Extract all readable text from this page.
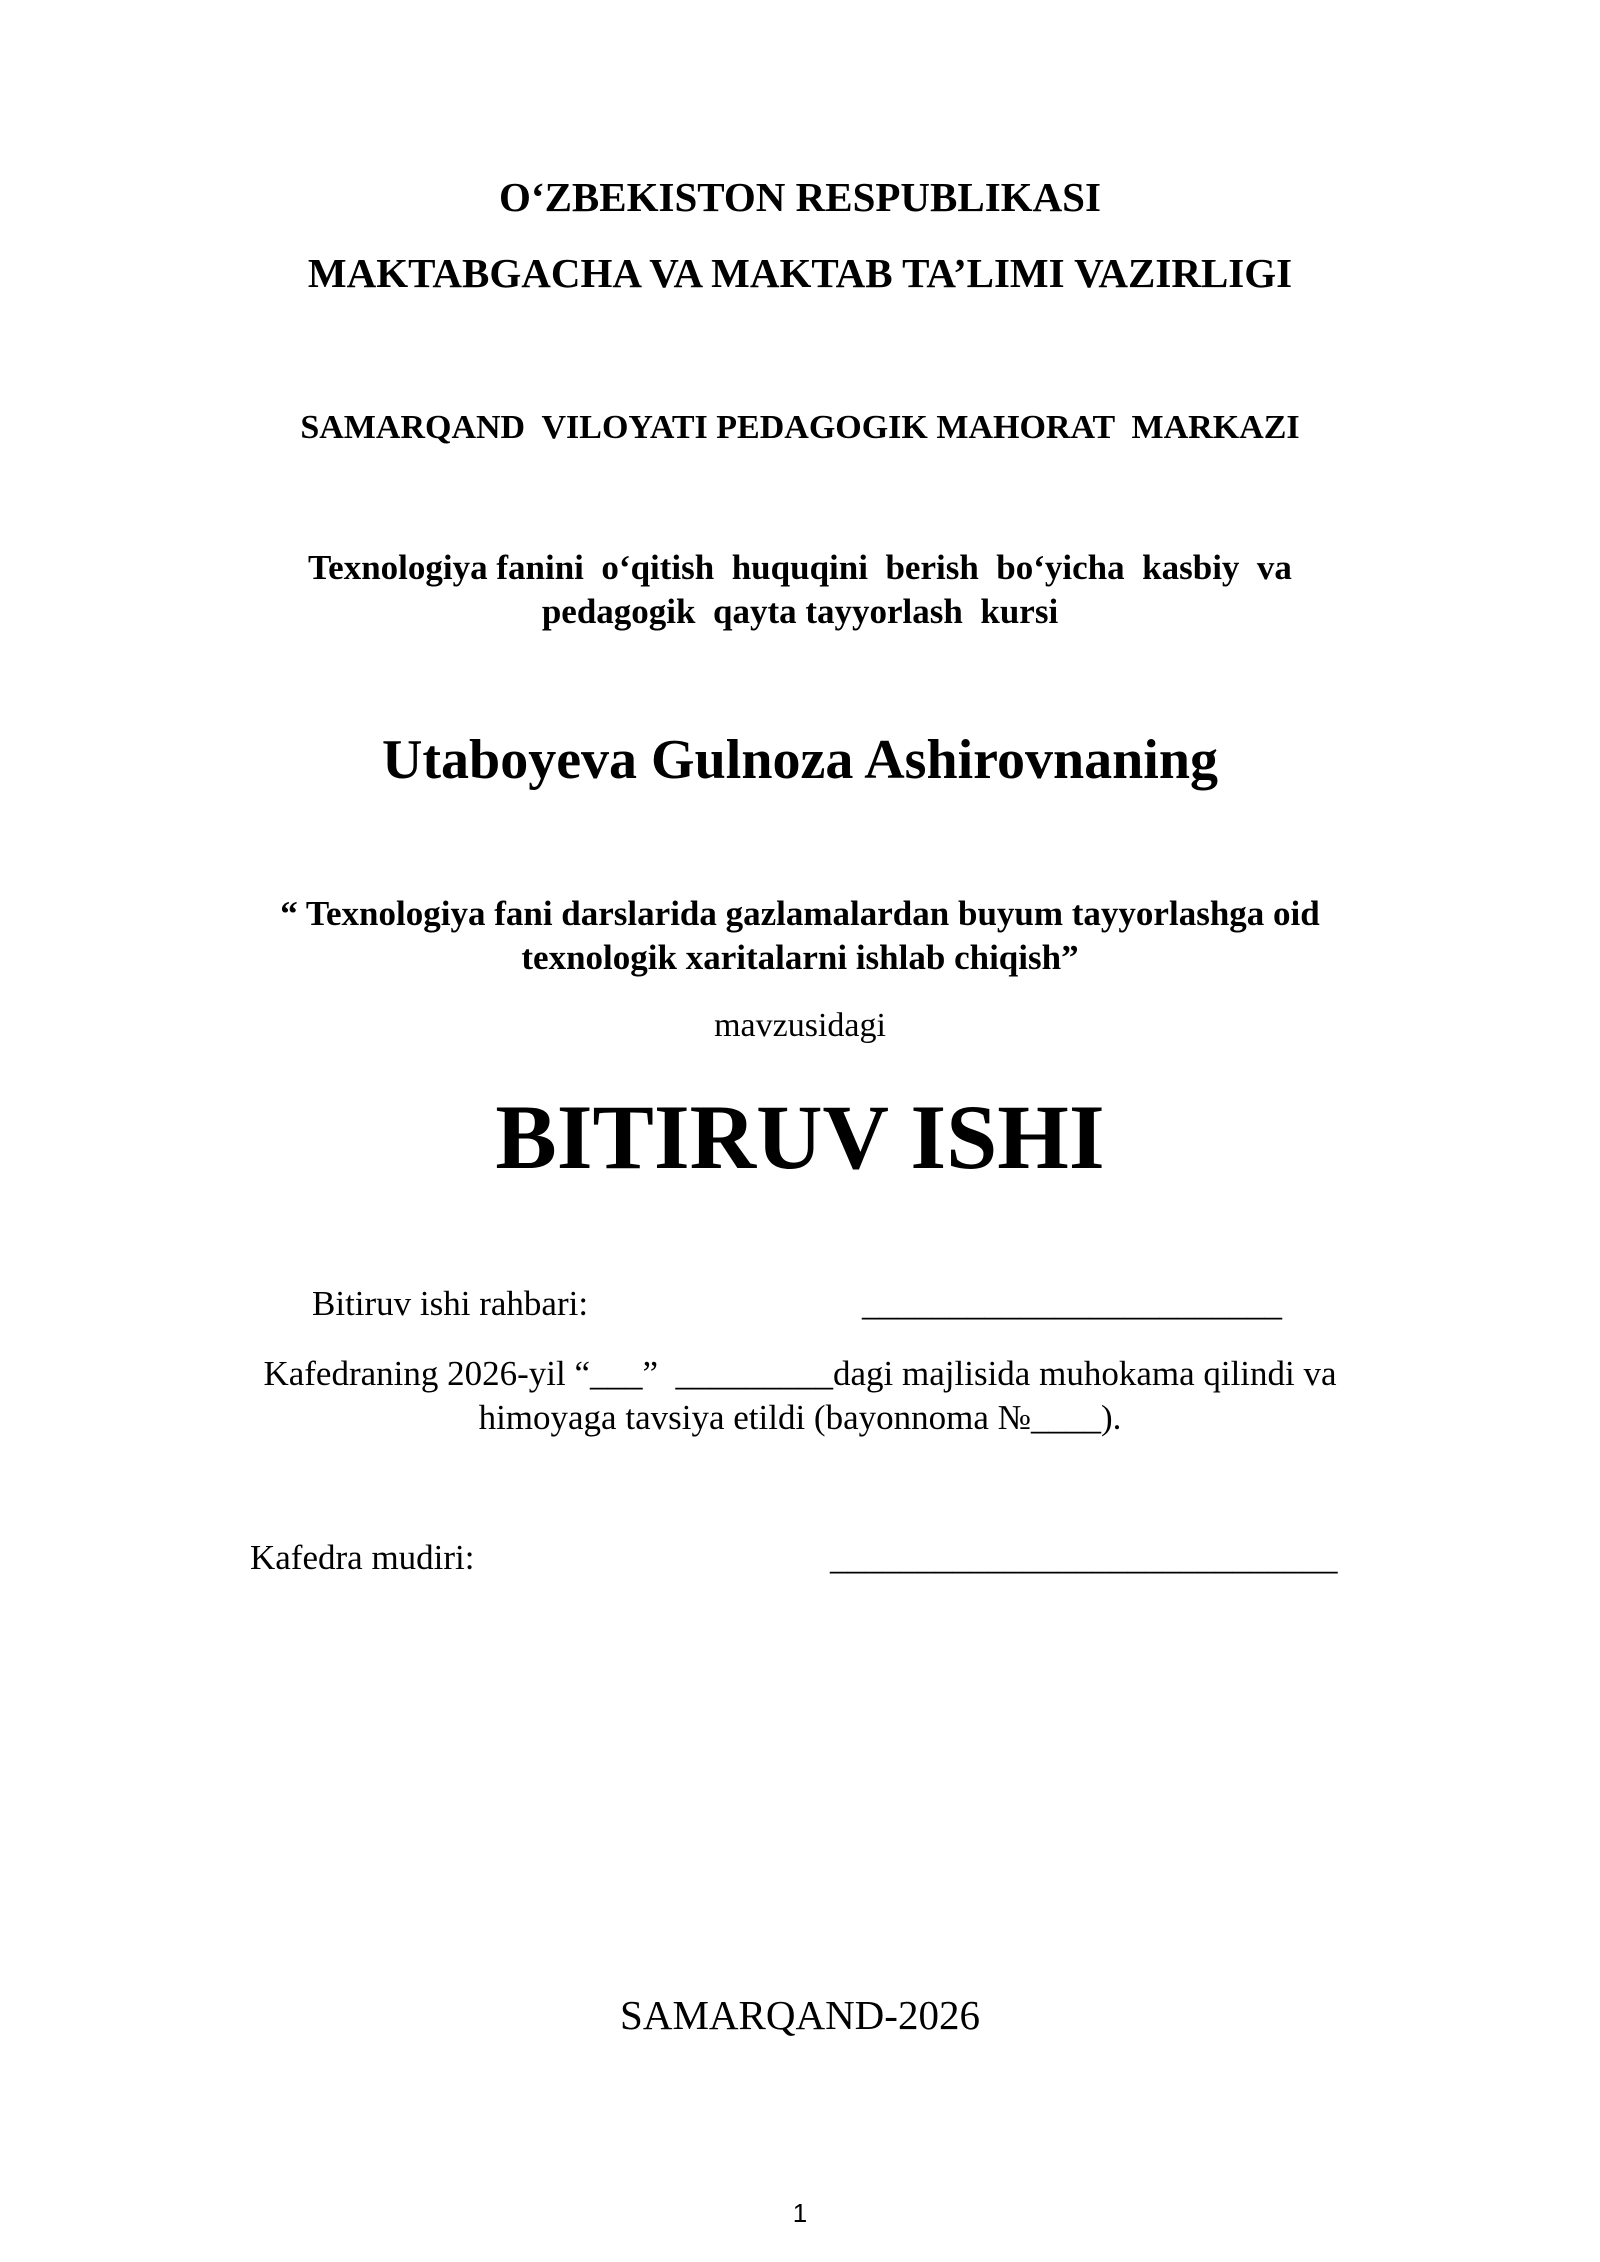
O‘ZBEKISTON RESPUBLIKASI
MAKTABGACHA VA MAKTAB TA’LIMI VAZIRLIGI
SAMARQAND  VILOYATI PEDAGOGIK MAHORAT  MARKAZI
Texnologiya fanini  o‘qitish  huquqini  berish  bo‘yicha  kasbiy  va
pedagogik  qayta tayyorlash  kursi
Utaboyeva Gulnoza Ashirovnaning
“ Texnologiya fani darslarida gazlamalardan buyum tayyorlashga oid
texnologik xaritalarni ishlab chiqish”
mavzusidagi
BITIRUV ISHI
Bitiruv ishi rahbari:	________________________
Kafedraning 2026-yil “___”  _________dagi majlisida muhokama qilindi va
himoyaga tavsiya etildi (bayonnoma №____).
Kafedra mudiri:	_____________________________
SAMARQAND-2026
1
